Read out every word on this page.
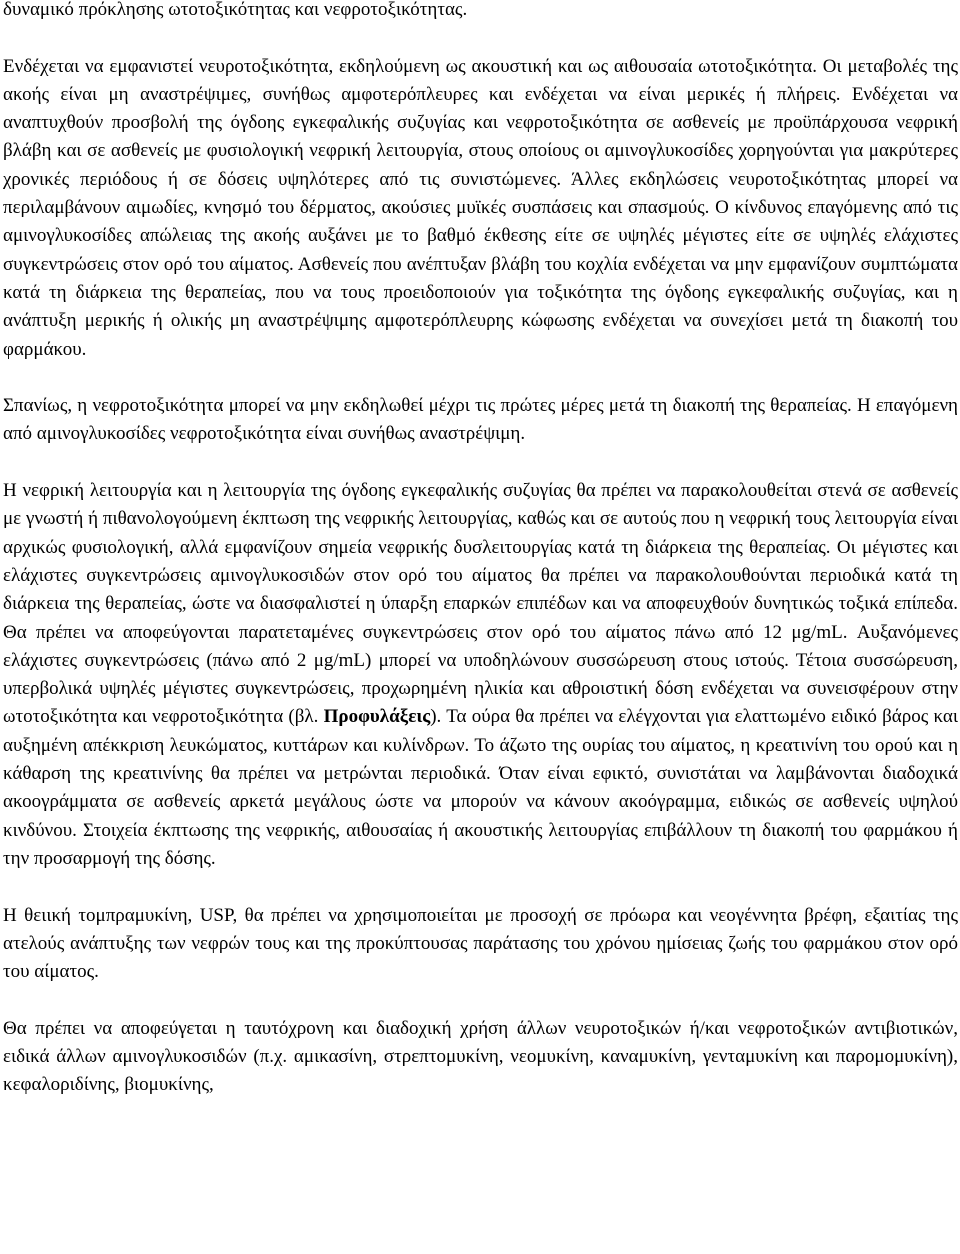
δυναμικό πρόκλησης ωτοτοξικότητας και νεφροτοξικότητας.

Ενδέχεται να εμφανιστεί νευροτοξικότητα, εκδηλούμενη ως ακουστική και ως αιθουσαία ωτοτοξικότητα. Οι μεταβολές της ακοής είναι μη αναστρέψιμες, συνήθως αμφοτερόπλευρες και ενδέχεται να είναι μερικές ή πλήρεις. Ενδέχεται να αναπτυχθούν προσβολή της όγδοης εγκεφαλικής συζυγίας και νεφροτοξικότητα σε ασθενείς με προϋπάρχουσα νεφρική βλάβη και σε ασθενείς με φυσιολογική νεφρική λειτουργία, στους οποίους οι αμινογλυκοσίδες χορηγούνται για μακρύτερες χρονικές περιόδους ή σε δόσεις υψηλότερες από τις συνιστώμενες. Άλλες εκδηλώσεις νευροτοξικότητας μπορεί να περιλαμβάνουν αιμωδίες, κνησμό του δέρματος, ακούσιες μυϊκές συσπάσεις και σπασμούς. Ο κίνδυνος επαγόμενης από τις αμινογλυκοσίδες απώλειας της ακοής αυξάνει με το βαθμό έκθεσης είτε σε υψηλές μέγιστες είτε σε υψηλές ελάχιστες συγκεντρώσεις στον ορό του αίματος. Ασθενείς που ανέπτυξαν βλάβη του κοχλία ενδέχεται να μην εμφανίζουν συμπτώματα κατά τη διάρκεια της θεραπείας, που να τους προειδοποιούν για τοξικότητα της όγδοης εγκεφαλικής συζυγίας, και η ανάπτυξη μερικής ή ολικής μη αναστρέψιμης αμφοτερόπλευρης κώφωσης ενδέχεται να συνεχίσει μετά τη διακοπή του φαρμάκου.

Σπανίως, η νεφροτοξικότητα μπορεί να μην εκδηλωθεί μέχρι τις πρώτες μέρες μετά τη διακοπή της θεραπείας. Η επαγόμενη από αμινογλυκοσίδες νεφροτοξικότητα είναι συνήθως αναστρέψιμη.

Η νεφρική λειτουργία και η λειτουργία της όγδοης εγκεφαλικής συζυγίας θα πρέπει να παρακολουθείται στενά σε ασθενείς με γνωστή ή πιθανολογούμενη έκπτωση της νεφρικής λειτουργίας, καθώς και σε αυτούς που η νεφρική τους λειτουργία είναι αρχικώς φυσιολογική, αλλά εμφανίζουν σημεία νεφρικής δυσλειτουργίας κατά τη διάρκεια της θεραπείας. Οι μέγιστες και ελάχιστες συγκεντρώσεις αμινογλυκοσιδών στον ορό του αίματος θα πρέπει να παρακολουθούνται περιοδικά κατά τη διάρκεια της θεραπείας, ώστε να διασφαλιστεί η ύπαρξη επαρκών επιπέδων και να αποφευχθούν δυνητικώς τοξικά επίπεδα. Θα πρέπει να αποφεύγονται παρατεταμένες συγκεντρώσεις στον ορό του αίματος πάνω από 12 μg/mL. Αυξανόμενες ελάχιστες συγκεντρώσεις (πάνω από 2 μg/mL) μπορεί να υποδηλώνουν συσσώρευση στους ιστούς. Τέτοια συσσώρευση, υπερβολικά υψηλές μέγιστες συγκεντρώσεις, προχωρημένη ηλικία και αθροιστική δόση ενδέχεται να συνεισφέρουν στην ωτοτοξικότητα και νεφροτοξικότητα (βλ. Προφυλάξεις). Τα ούρα θα πρέπει να ελέγχονται για ελαττωμένο ειδικό βάρος και αυξημένη απέκκριση λευκώματος, κυττάρων και κυλίνδρων. Το άζωτο της ουρίας του αίματος, η κρεατινίνη του ορού και η κάθαρση της κρεατινίνης θα πρέπει να μετρώνται περιοδικά. Όταν είναι εφικτό, συνιστάται να λαμβάνονται διαδοχικά ακοογράμματα σε ασθενείς αρκετά μεγάλους ώστε να μπορούν να κάνουν ακοόγραμμα, ειδικώς σε ασθενείς υψηλού κινδύνου. Στοιχεία έκπτωσης της νεφρικής, αιθουσαίας ή ακουστικής λειτουργίας επιβάλλουν τη διακοπή του φαρμάκου ή την προσαρμογή της δόσης.

Η θειική τομπραμυκίνη, USP, θα πρέπει να χρησιμοποιείται με προσοχή σε πρόωρα και νεογέννητα βρέφη, εξαιτίας της ατελούς ανάπτυξης των νεφρών τους και της προκύπτουσας παράτασης του χρόνου ημίσειας ζωής του φαρμάκου στον ορό του αίματος.

Θα πρέπει να αποφεύγεται η ταυτόχρονη και διαδοχική χρήση άλλων νευροτοξικών ή/και νεφροτοξικών αντιβιοτικών, ειδικά άλλων αμινογλυκοσιδών (π.χ. αμικασίνη, στρεπτομυκίνη, νεομυκίνη, καναμυκίνη, γενταμυκίνη και παρομομυκίνη), κεφαλοριδίνης, βιομυκίνης,
